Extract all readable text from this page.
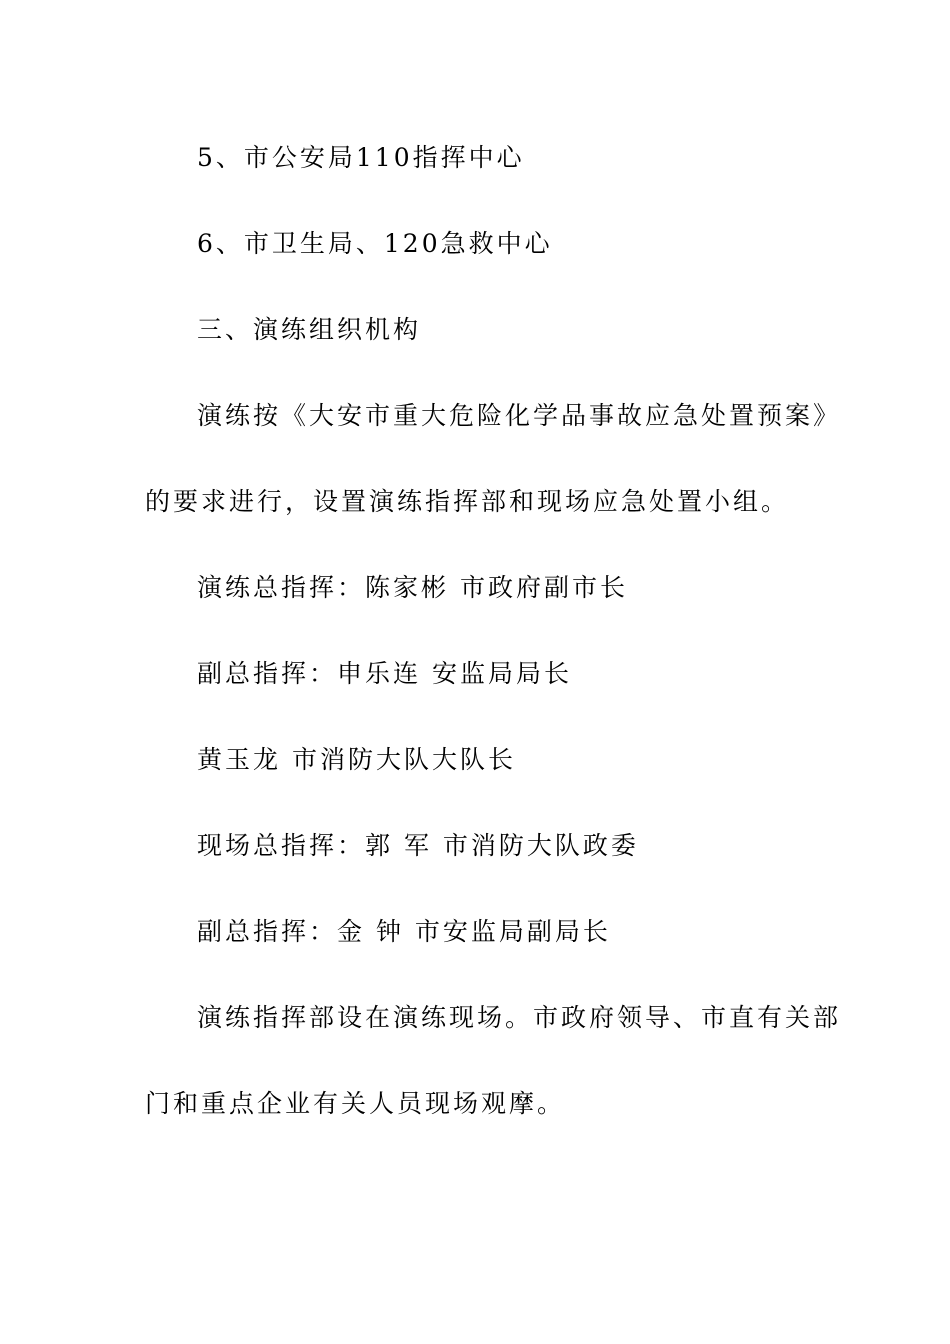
5、市公安局110指挥中心
6、市卫生局、120急救中心
三、演练组织机构
演练按《大安市重大危险化学品事故应急处置预案》
的要求进行，设置演练指挥部和现场应急处置小组。
演练总指挥：陈家彬 市政府副市长
副总指挥：申乐连 安监局局长
黄玉龙 市消防大队大队长
现场总指挥：郭 军 市消防大队政委
副总指挥：金 钟 市安监局副局长
演练指挥部设在演练现场。市政府领导、市直有关部
门和重点企业有关人员现场观摩。
